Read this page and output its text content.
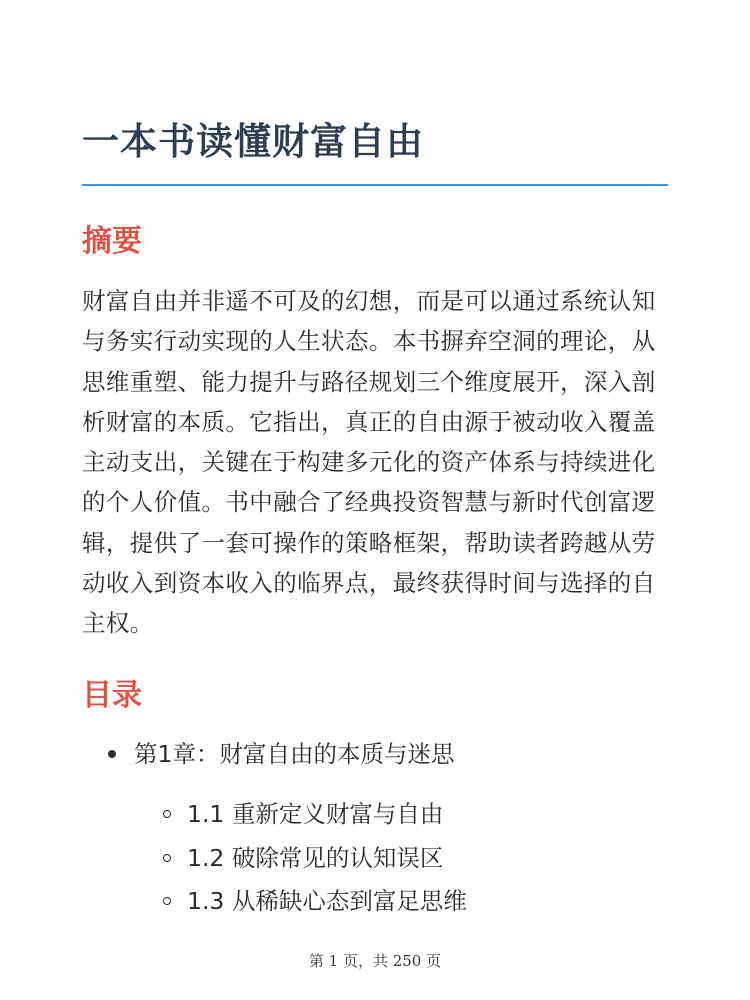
一本书读懂财富自由
摘要

财富自由并非遥不可及的幻想，而是可以通过系统认知与务实行动实现的人生状态。本书摒弃空洞的理论，从思维重塑、能力提升与路径规划三个维度展开，深入剖析财富的本质。它指出，真正的自由源于被动收入覆盖主动支出，关键在于构建多元化的资产体系与持续进化的个人价值。书中融合了经典投资智慧与新时代创富逻辑，提供了一套可操作的策略框架，帮助读者跨越从劳动收入到资本收入的临界点，最终获得时间与选择的自主权。

目录
第1章：财富自由的本质与迷思
1.1 重新定义财富与自由
1.2 破除常见的认知误区
1.3 从稀缺心态到富足思维
第 1 页，共 250 页
